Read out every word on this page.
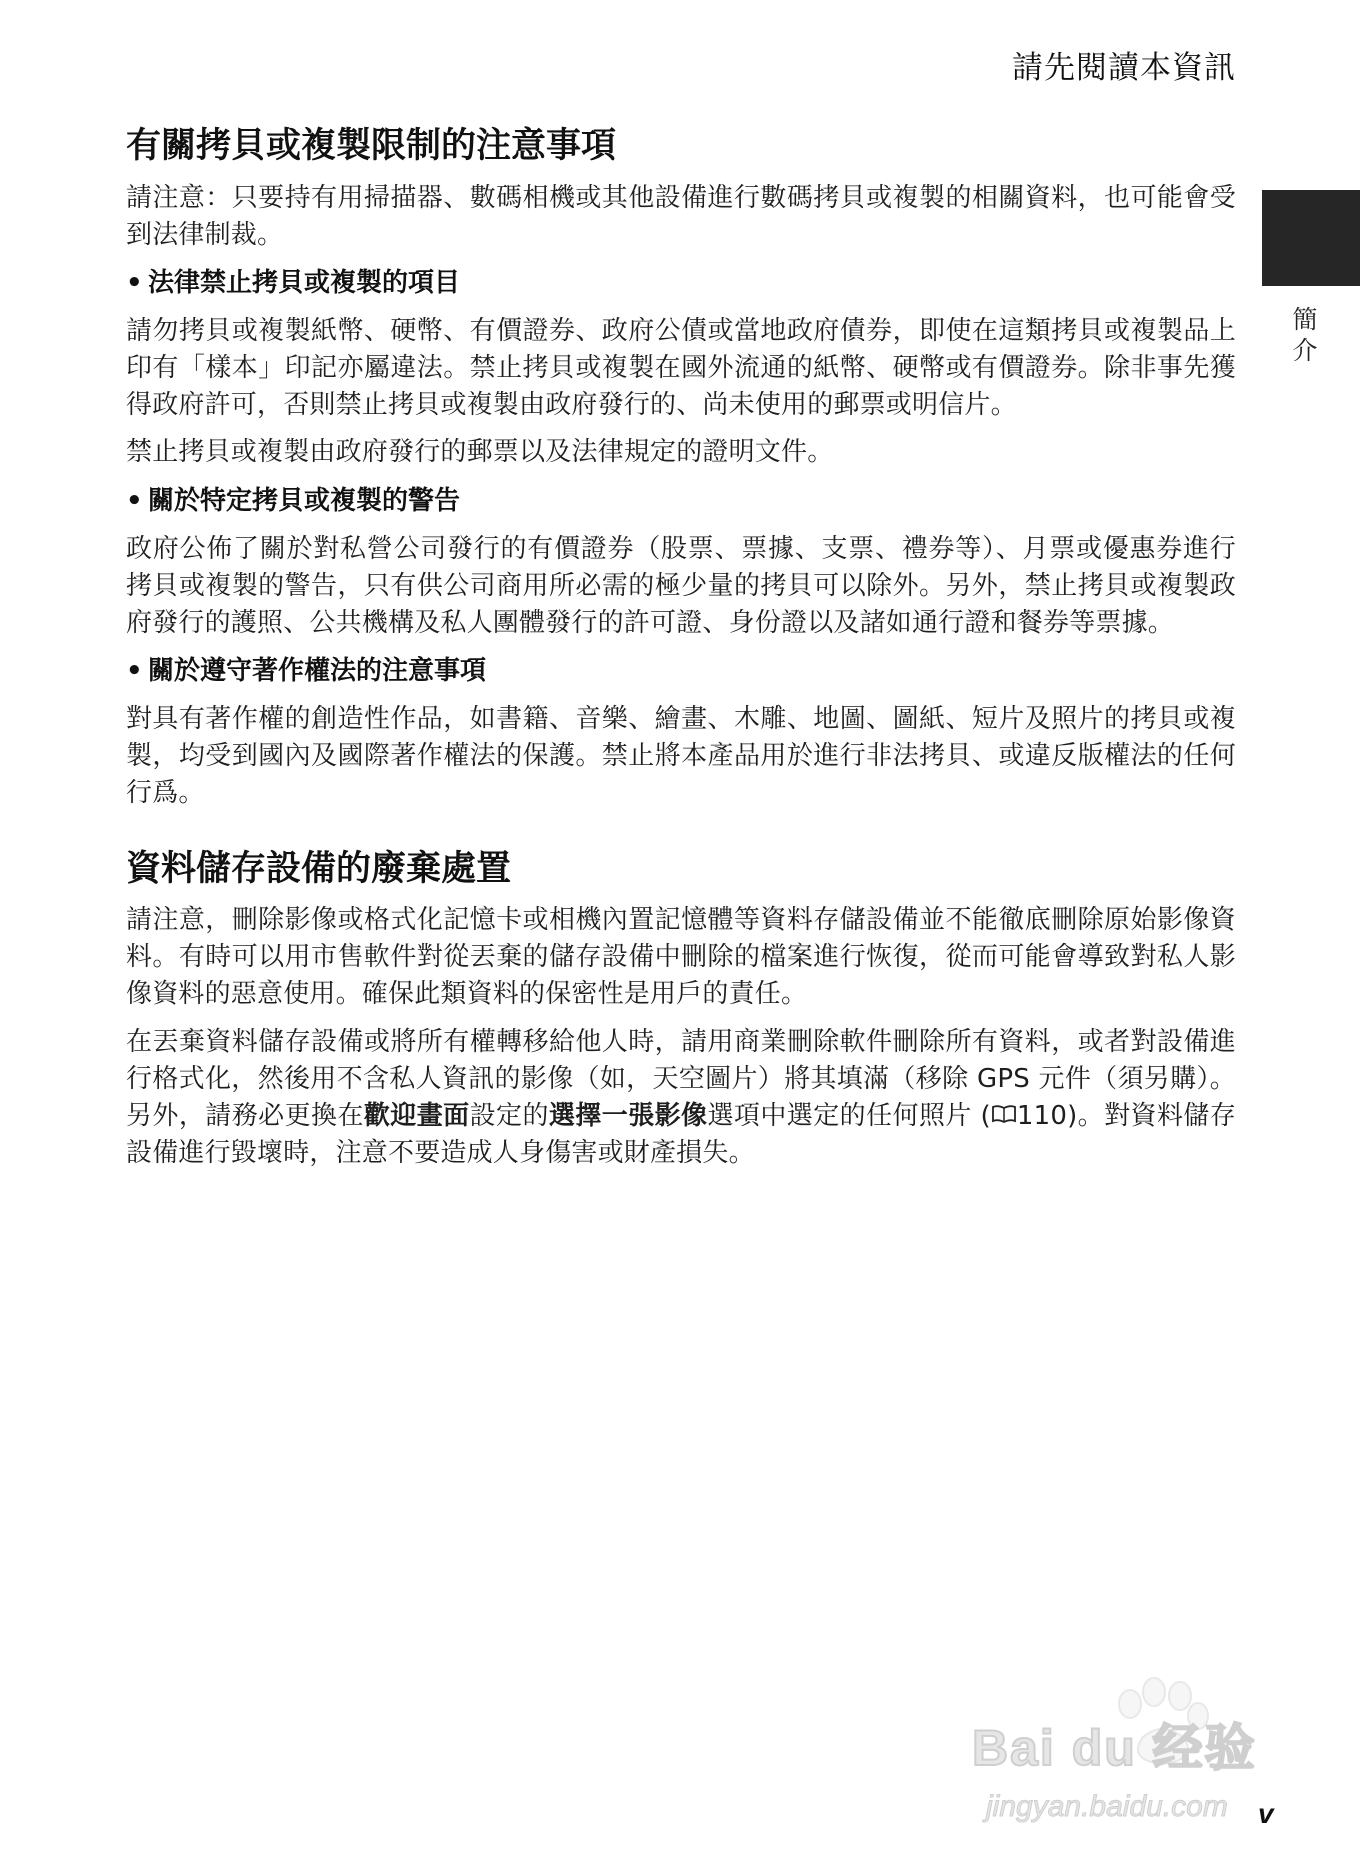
請先閱讀本資訊
簡介
有關拷貝或複製限制的注意事項

請注意：只要持有用掃描器、數碼相機或其他設備進行數碼拷貝或複製的相關資料，也可能會受到法律制裁。

• 法律禁止拷貝或複製的項目

請勿拷貝或複製紙幣、硬幣、有價證券、政府公債或當地政府債券，即使在這類拷貝或複製品上印有「樣本」印記亦屬違法。禁止拷貝或複製在國外流通的紙幣、硬幣或有價證券。除非事先獲得政府許可，否則禁止拷貝或複製由政府發行的、尚未使用的郵票或明信片。

禁止拷貝或複製由政府發行的郵票以及法律規定的證明文件。

• 關於特定拷貝或複製的警告

政府公佈了關於對私營公司發行的有價證券（股票、票據、支票、禮券等）、月票或優惠券進行拷貝或複製的警告，只有供公司商用所必需的極少量的拷貝可以除外。另外，禁止拷貝或複製政府發行的護照、公共機構及私人團體發行的許可證、身份證以及諸如通行證和餐券等票據。

• 關於遵守著作權法的注意事項

對具有著作權的創造性作品，如書籍、音樂、繪畫、木雕、地圖、圖紙、短片及照片的拷貝或複製，均受到國內及國際著作權法的保護。禁止將本產品用於進行非法拷貝、或違反版權法的任何行爲。

資料儲存設備的廢棄處置

請注意，刪除影像或格式化記憶卡或相機內置記憶體等資料存儲設備並不能徹底刪除原始影像資料。有時可以用市售軟件對從丟棄的儲存設備中刪除的檔案進行恢復，從而可能會導致對私人影像資料的惡意使用。確保此類資料的保密性是用戶的責任。

在丟棄資料儲存設備或將所有權轉移給他人時，請用商業刪除軟件刪除所有資料，或者對設備進行格式化，然後用不含私人資訊的影像（如，天空圖片）將其填滿（移除 GPS 元件（須另購）。另外，請務必更換在歡迎畫面設定的選擇一張影像選項中選定的任何照片 ( 110)。對資料儲存設備進行毀壞時，注意不要造成人身傷害或財產損失。

Bai du 经验
jingyan.baidu.com v
